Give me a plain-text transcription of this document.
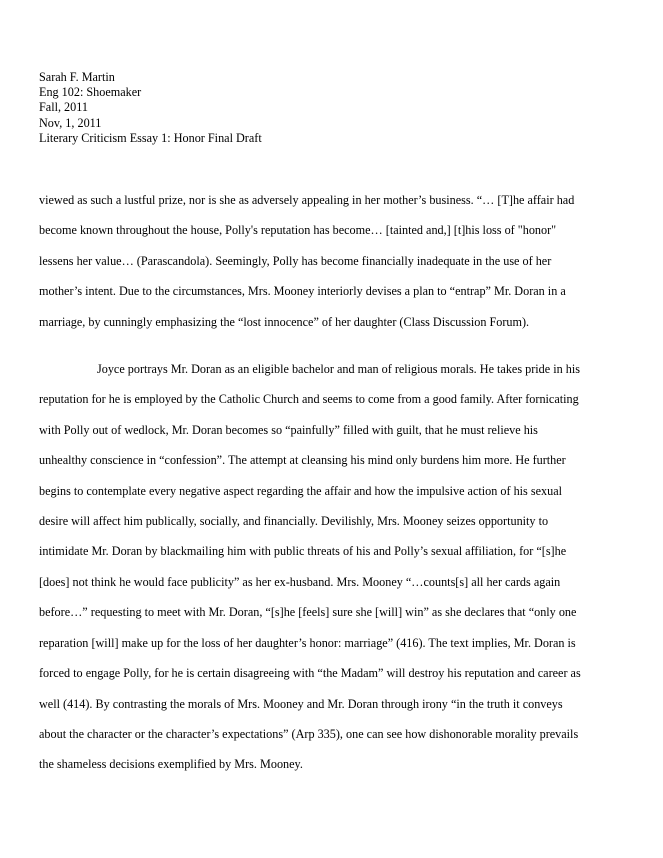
Sarah F. Martin
Eng 102: Shoemaker
Fall, 2011
Nov, 1, 2011
Literary Criticism Essay 1: Honor Final Draft
viewed as such a lustful prize, nor is she as adversely appealing in her mother’s business. “… [T]he affair had
become known throughout the house, Polly's reputation has become… [tainted and,] [t]his loss of "honor"
lessens her value… (Parascandola). Seemingly, Polly has become financially inadequate in the use of her
mother’s intent. Due to the circumstances, Mrs. Mooney interiorly devises a plan to “entrap” Mr. Doran in a
marriage, by cunningly emphasizing the “lost innocence” of her daughter (Class Discussion Forum).
Joyce portrays Mr. Doran as an eligible bachelor and man of religious morals. He takes pride in his
reputation for he is employed by the Catholic Church and seems to come from a good family. After fornicating
with Polly out of wedlock, Mr. Doran becomes so “painfully” filled with guilt, that he must relieve his
unhealthy conscience in “confession”. The attempt at cleansing his mind only burdens him more. He further
begins to contemplate every negative aspect regarding the affair and how the impulsive action of his sexual
desire will affect him publically, socially, and financially. Devilishly, Mrs. Mooney seizes opportunity to
intimidate Mr. Doran by blackmailing him with public threats of his and Polly’s sexual affiliation, for “[s]he
[does] not think he would face publicity” as her ex-husband. Mrs. Mooney “…counts[s] all her cards again
before…” requesting to meet with Mr. Doran, “[s]he [feels] sure she [will] win” as she declares that “only one
reparation [will] make up for the loss of her daughter’s honor: marriage” (416). The text implies, Mr. Doran is
forced to engage Polly, for he is certain disagreeing with “the Madam” will destroy his reputation and career as
well (414). By contrasting the morals of Mrs. Mooney and Mr. Doran through irony “in the truth it conveys
about the character or the character’s expectations” (Arp 335), one can see how dishonorable morality prevails
the shameless decisions exemplified by Mrs. Mooney.
